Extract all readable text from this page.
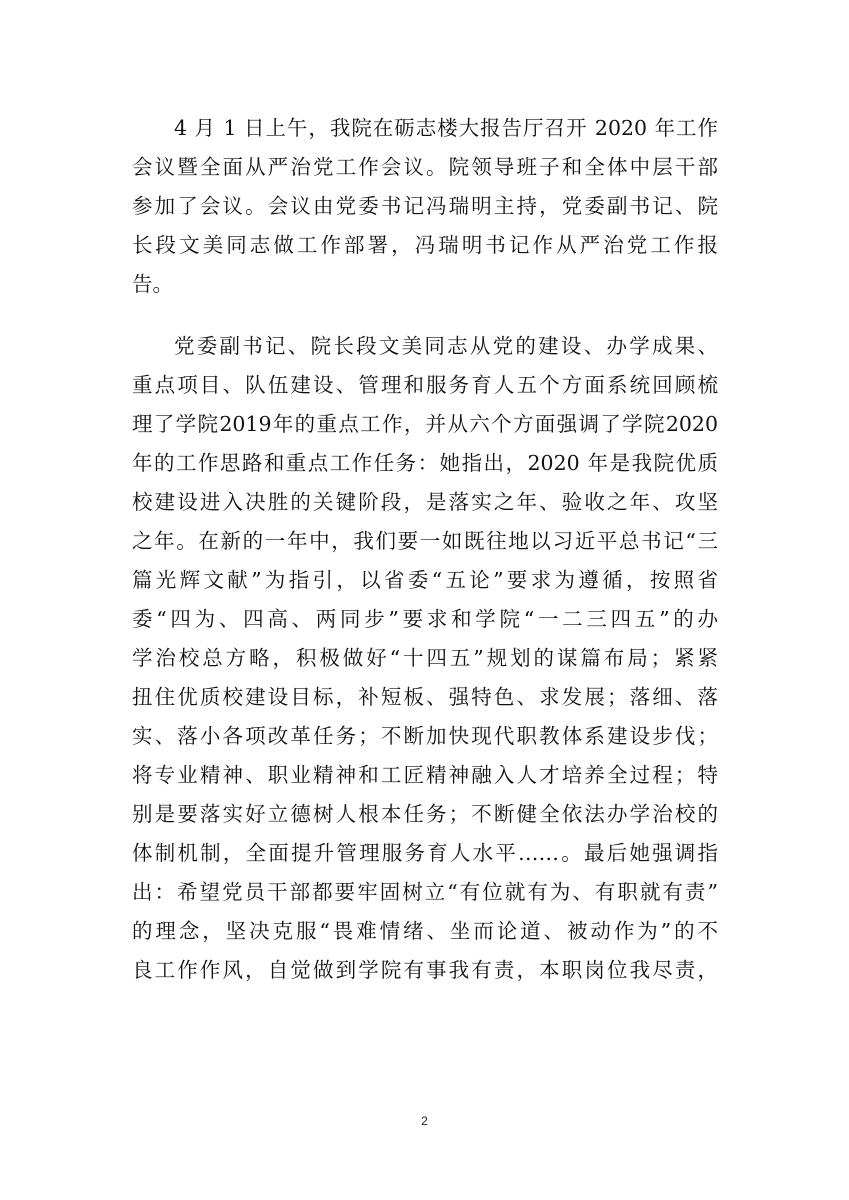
4 月 1 日上午，我院在砺志楼大报告厅召开 2020 年工作
会议暨全面从严治党工作会议。院领导班子和全体中层干部
参加了会议。会议由党委书记冯瑞明主持，党委副书记、院
长段文美同志做工作部署，冯瑞明书记作从严治党工作报
告。
党委副书记、院长段文美同志从党的建设、办学成果、
重点项目、队伍建设、管理和服务育人五个方面系统回顾梳
理了学院2019年的重点工作，并从六个方面强调了学院2020
年的工作思路和重点工作任务：她指出，2020 年是我院优质
校建设进入决胜的关键阶段，是落实之年、验收之年、攻坚
之年。在新的一年中，我们要一如既往地以习近平总书记“三
篇光辉文献”为指引，以省委“五论”要求为遵循，按照省
委“四为、四高、两同步”要求和学院“一二三四五”的办
学治校总方略，积极做好“十四五”规划的谋篇布局；紧紧
扭住优质校建设目标，补短板、强特色、求发展；落细、落
实、落小各项改革任务；不断加快现代职教体系建设步伐；
将专业精神、职业精神和工匠精神融入人才培养全过程；特
别是要落实好立德树人根本任务；不断健全依法办学治校的
体制机制，全面提升管理服务育人水平……。最后她强调指
出：希望党员干部都要牢固树立“有位就有为、有职就有责”
的理念，坚决克服“畏难情绪、坐而论道、被动作为”的不
良工作作风，自觉做到学院有事我有责，本职岗位我尽责，
2
